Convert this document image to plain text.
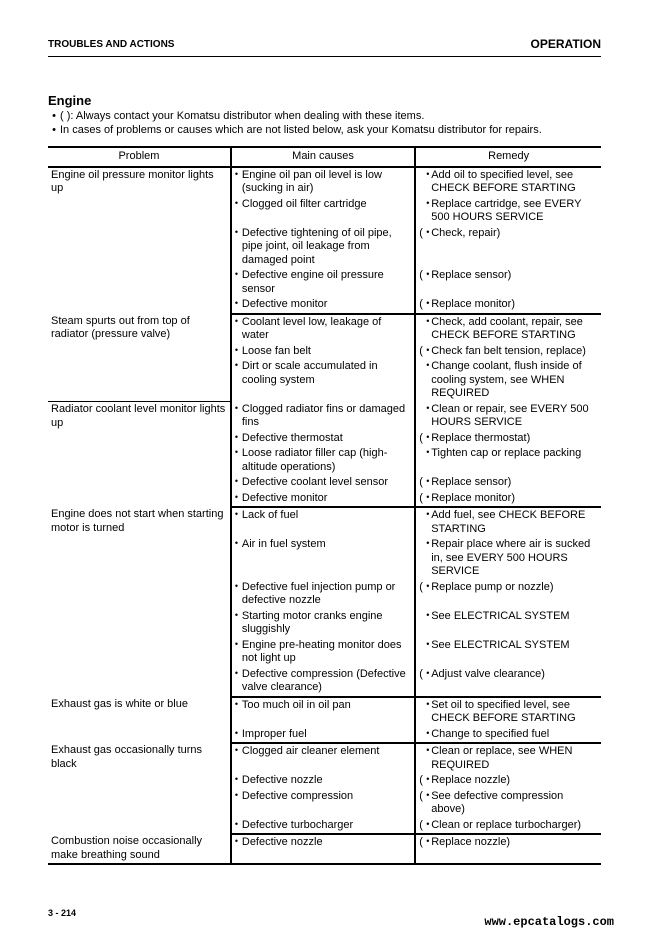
TROUBLES AND ACTIONS	OPERATION
Engine
• ( ): Always contact your Komatsu distributor when dealing with these items.
• In cases of problems or causes which are not listed below, ask your Komatsu distributor for repairs.
Problem	Main causes	Remedy
Engine oil pressure monitor lights up	• Engine oil pan oil level is low (sucking in air)	• Add oil to specified level, see CHECK BEFORE STARTING

	• Clogged oil filter cartridge	• Replace cartridge, see EVERY 500 HOURS SERVICE

	• Defective tightening of oil pipe, pipe joint, oil leakage from damaged point	( • Check, repair)

	• Defective engine oil pressure sensor	( • Replace sensor)

	• Defective monitor	( • Replace monitor)

Steam spurts out from top of radiator (pressure valve)	• Coolant level low, leakage of water	• Check, add coolant, repair, see CHECK BEFORE STARTING

	• Loose fan belt	( • Check fan belt tension, replace)

	• Dirt or scale accumulated in cooling system	• Change coolant, flush inside of cooling system, see WHEN REQUIRED

Radiator coolant level monitor lights up	• Clogged radiator fins or damaged fins	• Clean or repair, see EVERY 500 HOURS SERVICE

	• Defective thermostat	( • Replace thermostat)

	• Loose radiator filler cap (high-altitude operations)	• Tighten cap or replace packing

	• Defective coolant level sensor	( • Replace sensor)

	• Defective monitor	( • Replace monitor)

Engine does not start when starting motor is turned	• Lack of fuel	• Add fuel, see CHECK BEFORE STARTING

	• Air in fuel system	• Repair place where air is sucked in, see EVERY 500 HOURS SERVICE

	• Defective fuel injection pump or defective nozzle	( • Replace pump or nozzle)

	• Starting motor cranks engine sluggishly	• See ELECTRICAL SYSTEM

	• Engine pre-heating monitor does not light up	• See ELECTRICAL SYSTEM

	• Defective compression (Defective valve clearance)	( • Adjust valve clearance)

Exhaust gas is white or blue	• Too much oil in oil pan	• Set oil to specified level, see CHECK BEFORE STARTING

	• Improper fuel	• Change to specified fuel

Exhaust gas occasionally turns black	• Clogged air cleaner element	• Clean or replace, see WHEN REQUIRED

	• Defective nozzle	( • Replace nozzle)

	• Defective compression	( • See defective compression above)

	• Defective turbocharger	( • Clean or replace turbocharger)

Combustion noise occasionally make breathing sound	• Defective nozzle	( • Replace nozzle)
3 - 214
www.epcatalogs.com
